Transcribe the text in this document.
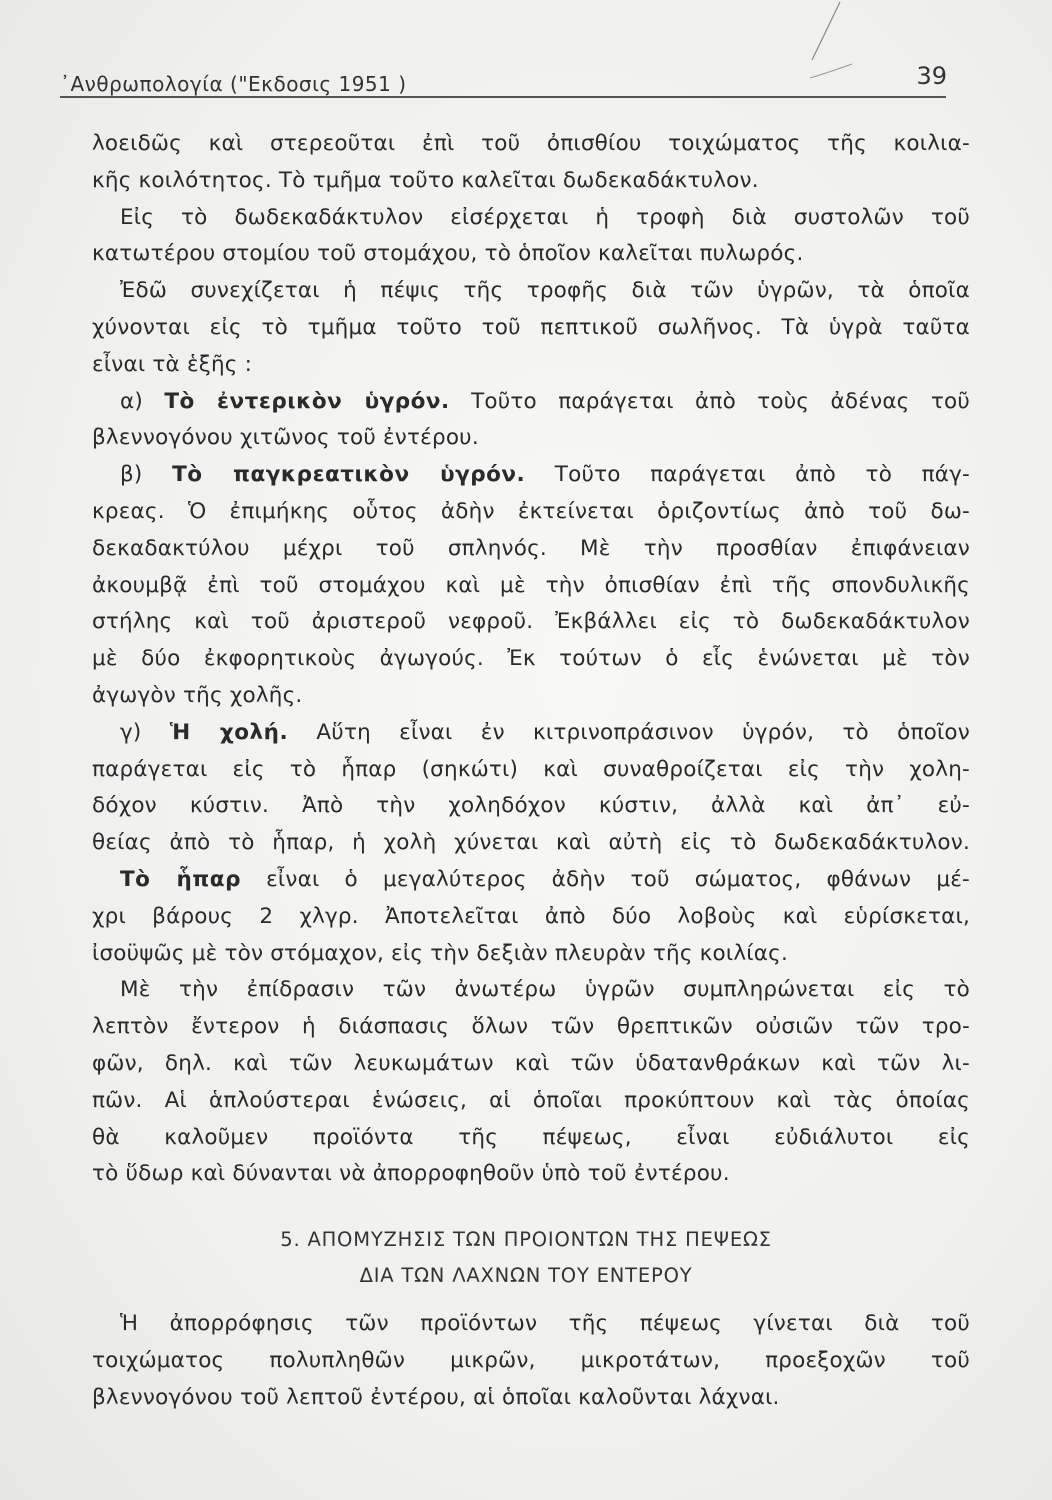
᾽Ανθρωπολογία ("Εκδοσις 1951 )	39
λοειδῶς καὶ στερεοῦται ἐπὶ τοῦ ὀπισθίου τοιχώματος τῆς κοιλια-
κῆς κοιλότητος. Τὸ τμῆμα τοῦτο καλεῖται δωδεκαδάκτυλον.
Εἰς τὸ δωδεκαδάκτυλον εἰσέρχεται ἡ τροφὴ διὰ συστολῶν τοῦ
κατωτέρου στομίου τοῦ στομάχου, τὸ ὁποῖον καλεῖται πυλωρός.
Ἐδῶ συνεχίζεται ἡ πέψις τῆς τροφῆς διὰ τῶν ὑγρῶν, τὰ ὁποῖα
χύνονται εἰς τὸ τμῆμα τοῦτο τοῦ πεπτικοῦ σωλῆνος. Τὰ ὑγρὰ ταῦτα
εἶναι τὰ ἑξῆς :
α) Τὸ ἐντερικὸν ὑγρόν. Τοῦτο παράγεται ἀπὸ τοὺς ἀδένας τοῦ
βλεννογόνου χιτῶνος τοῦ ἐντέρου.
β) Τὸ παγκρεατικὸν ὑγρόν. Τοῦτο παράγεται ἀπὸ τὸ πάγ-
κρεας. Ὁ ἐπιμήκης οὗτος ἀδὴν ἐκτείνεται ὁριζοντίως ἀπὸ τοῦ δω-
δεκαδακτύλου μέχρι τοῦ σπληνός. Μὲ τὴν προσθίαν ἐπιφάνειαν
ἀκουμβᾷ ἐπὶ τοῦ στομάχου καὶ μὲ τὴν ὀπισθίαν ἐπὶ τῆς σπονδυλικῆς
στήλης καὶ τοῦ ἀριστεροῦ νεφροῦ. Ἐκβάλλει εἰς τὸ δωδεκαδάκτυλον
μὲ δύο ἐκφορητικοὺς ἀγωγούς. Ἐκ τούτων ὁ εἷς ἑνώνεται μὲ τὸν
ἀγωγὸν τῆς χολῆς.
γ) Ἡ χολή. Αὕτη εἶναι ἐν κιτρινοπράσινον ὑγρόν, τὸ ὁποῖον
παράγεται εἰς τὸ ἧπαρ (σηκώτι) καὶ συναθροίζεται εἰς τὴν χολη-
δόχον κύστιν. Ἀπὸ τὴν χοληδόχον κύστιν, ἀλλὰ καὶ ἀπ᾽ εὐ-
θείας ἀπὸ τὸ ἧπαρ, ἡ χολὴ χύνεται καὶ αὐτὴ εἰς τὸ δωδεκαδάκτυλον.
Τὸ ἧπαρ εἶναι ὁ μεγαλύτερος ἀδὴν τοῦ σώματος, φθάνων μέ-
χρι βάρους 2 χλγρ. Ἀποτελεῖται ἀπὸ δύο λοβοὺς καὶ εὑρίσκεται,
ἰσοϋψῶς μὲ τὸν στόμαχον, εἰς τὴν δεξιὰν πλευρὰν τῆς κοιλίας.
Μὲ τὴν ἐπίδρασιν τῶν ἀνωτέρω ὑγρῶν συμπληρώνεται εἰς τὸ
λεπτὸν ἔντερον ἡ διάσπασις ὅλων τῶν θρεπτικῶν οὐσιῶν τῶν τρο-
φῶν, δηλ. καὶ τῶν λευκωμάτων καὶ τῶν ὑδατανθράκων καὶ τῶν λι-
πῶν. Αἱ ἁπλούστεραι ἑνώσεις, αἱ ὁποῖαι προκύπτουν καὶ τὰς ὁποίας
θὰ καλοῦμεν προϊόντα τῆς πέψεως, εἶναι εὐδιάλυτοι εἰς
τὸ ὕδωρ καὶ δύνανται νὰ ἀπορροφηθοῦν ὑπὸ τοῦ ἐντέρου.
5. ΑΠΟΜΥΖΗΣΙΣ ΤΩΝ ΠΡΟΙΟΝΤΩΝ ΤΗΣ ΠΕΨΕΩΣ
ΔΙΑ ΤΩΝ ΛΑΧΝΩΝ ΤΟΥ ΕΝΤΕΡΟΥ
Ἡ ἀπορρόφησις τῶν προϊόντων τῆς πέψεως γίνεται διὰ τοῦ
τοιχώματος πολυπληθῶν μικρῶν, μικροτάτων, προεξοχῶν τοῦ
βλεννογόνου τοῦ λεπτοῦ ἐντέρου, αἱ ὁποῖαι καλοῦνται λάχναι.
